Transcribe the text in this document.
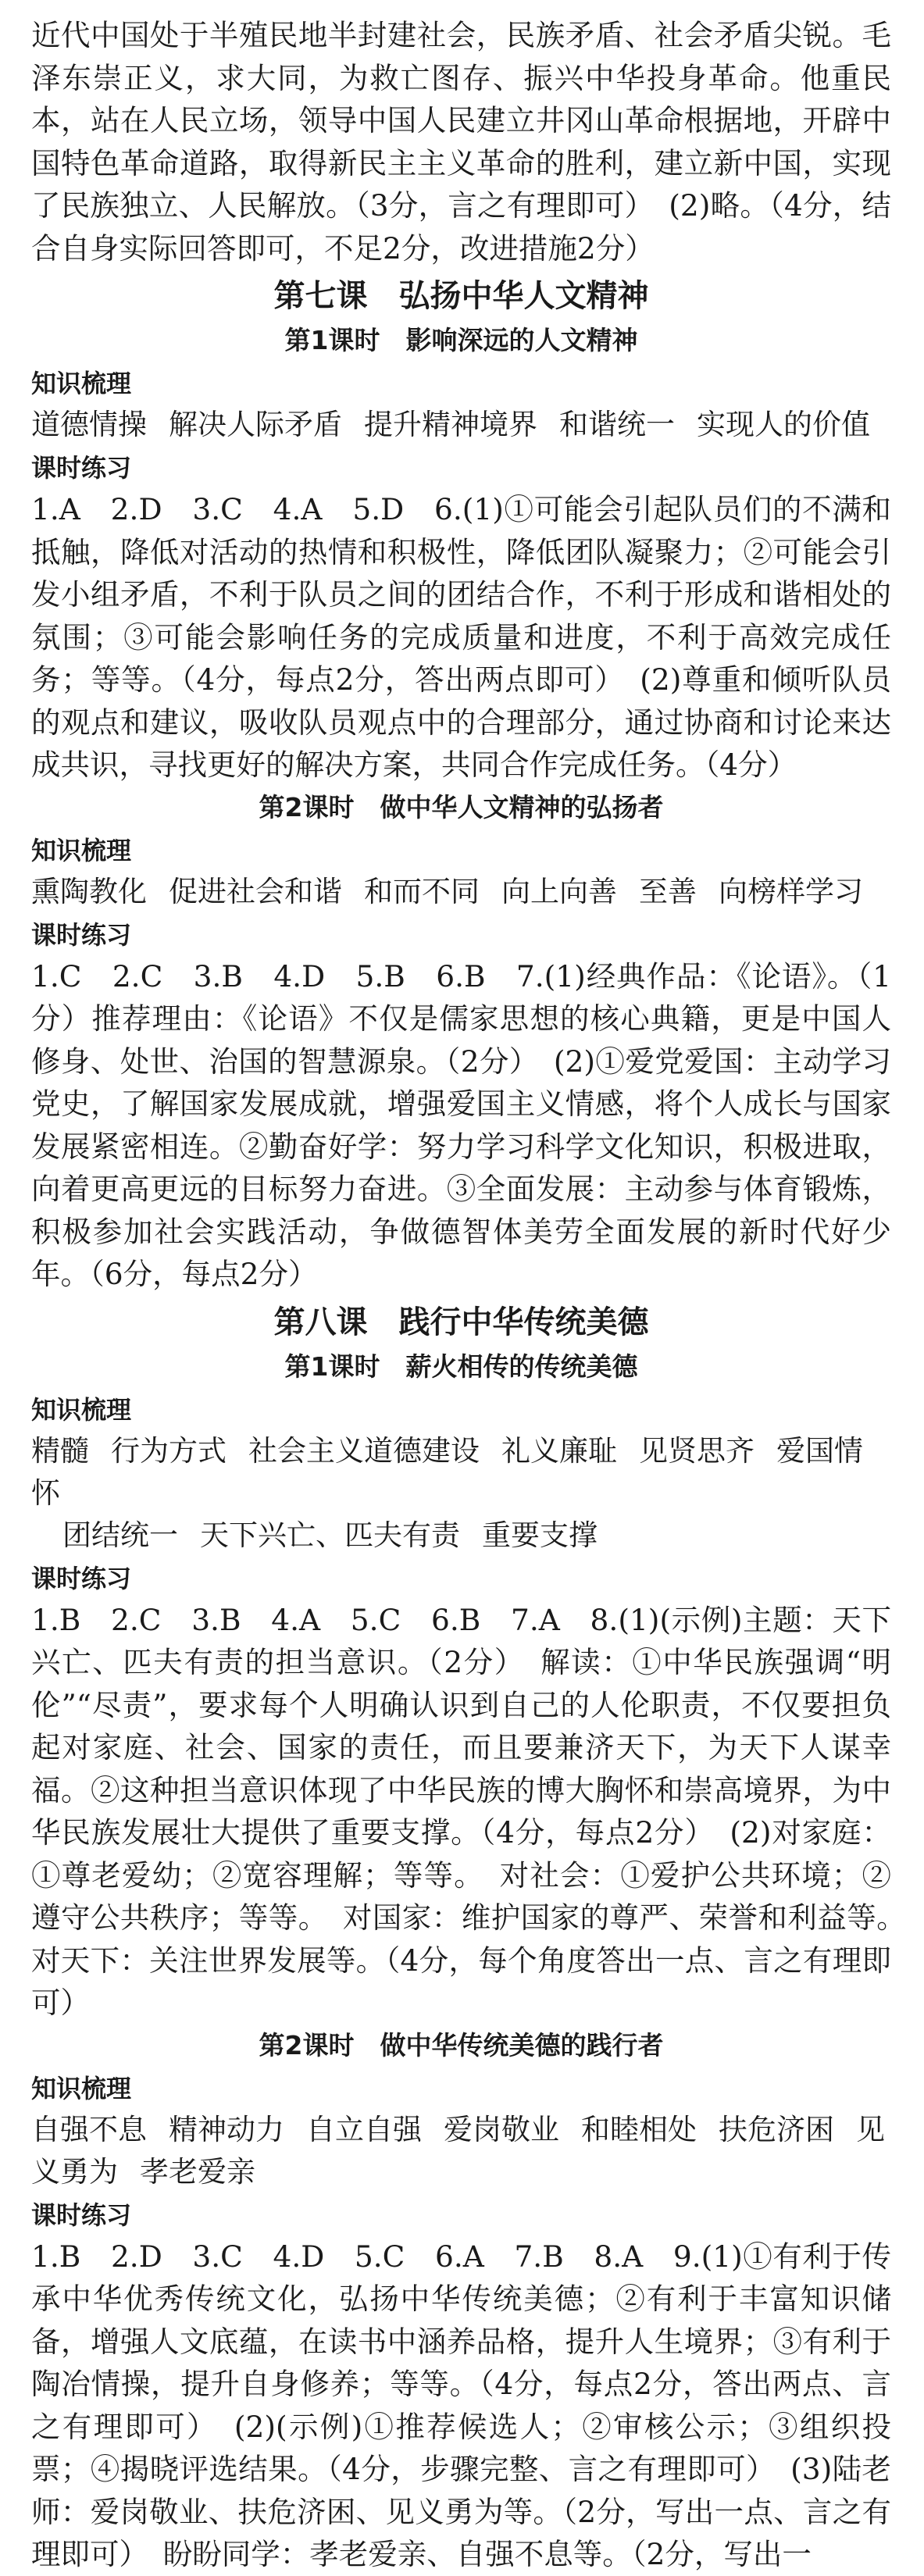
近代中国处于半殖民地半封建社会，民族矛盾、社会矛盾尖锐。毛泽东崇正义，求大同，为救亡图存、振兴中华投身革命。他重民本，站在人民立场，领导中国人民建立井冈山革命根据地，开辟中国特色革命道路，取得新民主主义革命的胜利，建立新中国，实现了民族独立、人民解放。（3分，言之有理即可）　(2)略。（4分，结合自身实际回答即可，不足2分，改进措施2分）

第七课　弘扬中华人文精神
第1课时　影响深远的人文精神
知识梳理

道德情操 解决人际矛盾 提升精神境界 和谐统一 实现人的价值

课时练习

1.A　2.D　3.C　4.A　5.D　6.(1)①可能会引起队员们的不满和抵触，降低对活动的热情和积极性，降低团队凝聚力；②可能会引发小组矛盾，不利于队员之间的团结合作，不利于形成和谐相处的氛围；③可能会影响任务的完成质量和进度，不利于高效完成任务；等等。（4分，每点2分，答出两点即可）　(2)尊重和倾听队员的观点和建议，吸收队员观点中的合理部分，通过协商和讨论来达成共识，寻找更好的解决方案，共同合作完成任务。（4分）

第2课时　做中华人文精神的弘扬者
知识梳理

熏陶教化 促进社会和谐 和而不同 向上向善 至善 向榜样学习

课时练习

1.C　2.C　3.B　4.D　5.B　6.B　7.(1)经典作品：《论语》。（1分）推荐理由：《论语》不仅是儒家思想的核心典籍，更是中国人修身、处世、治国的智慧源泉。（2分）　(2)①爱党爱国：主动学习党史，了解国家发展成就，增强爱国主义情感，将个人成长与国家发展紧密相连。②勤奋好学：努力学习科学文化知识，积极进取，向着更高更远的目标努力奋进。③全面发展：主动参与体育锻炼，积极参加社会实践活动，争做德智体美劳全面发展的新时代好少年。（6分，每点2分）

第八课　践行中华传统美德
第1课时　薪火相传的传统美德
知识梳理

精髓 行为方式 社会主义道德建设 礼义廉耻 见贤思齐 爱国情怀

团结统一 天下兴亡、匹夫有责 重要支撑

课时练习

1.B　2.C　3.B　4.A　5.C　6.B　7.A　8.(1)(示例)主题：天下兴亡、匹夫有责的担当意识。（2分）　解读：①中华民族强调“明伦”“尽责”，要求每个人明确认识到自己的人伦职责，不仅要担负起对家庭、社会、国家的责任，而且要兼济天下，为天下人谋幸福。②这种担当意识体现了中华民族的博大胸怀和崇高境界，为中华民族发展壮大提供了重要支撑。（4分，每点2分）　(2)对家庭：①尊老爱幼；②宽容理解；等等。　对社会：①爱护公共环境；②遵守公共秩序；等等。　对国家：维护国家的尊严、荣誉和利益等。　对天下：关注世界发展等。（4分，每个角度答出一点、言之有理即可）

第2课时　做中华传统美德的践行者
知识梳理

自强不息 精神动力 自立自强 爱岗敬业 和睦相处 扶危济困 见

义勇为 孝老爱亲

课时练习

1.B　2.D　3.C　4.D　5.C　6.A　7.B　8.A　9.(1)①有利于传承中华优秀传统文化，弘扬中华传统美德；②有利于丰富知识储备，增强人文底蕴，在读书中涵养品格，提升人生境界；③有利于陶冶情操，提升自身修养；等等。（4分，每点2分，答出两点、言之有理即可）　(2)(示例)①推荐候选人；②审核公示；③组织投票；④揭晓评选结果。（4分，步骤完整、言之有理即可）　(3)陆老师：爱岗敬业、扶危济困、见义勇为等。（2分，写出一点、言之有理即可）　盼盼同学：孝老爱亲、自强不息等。（2分，写出一
